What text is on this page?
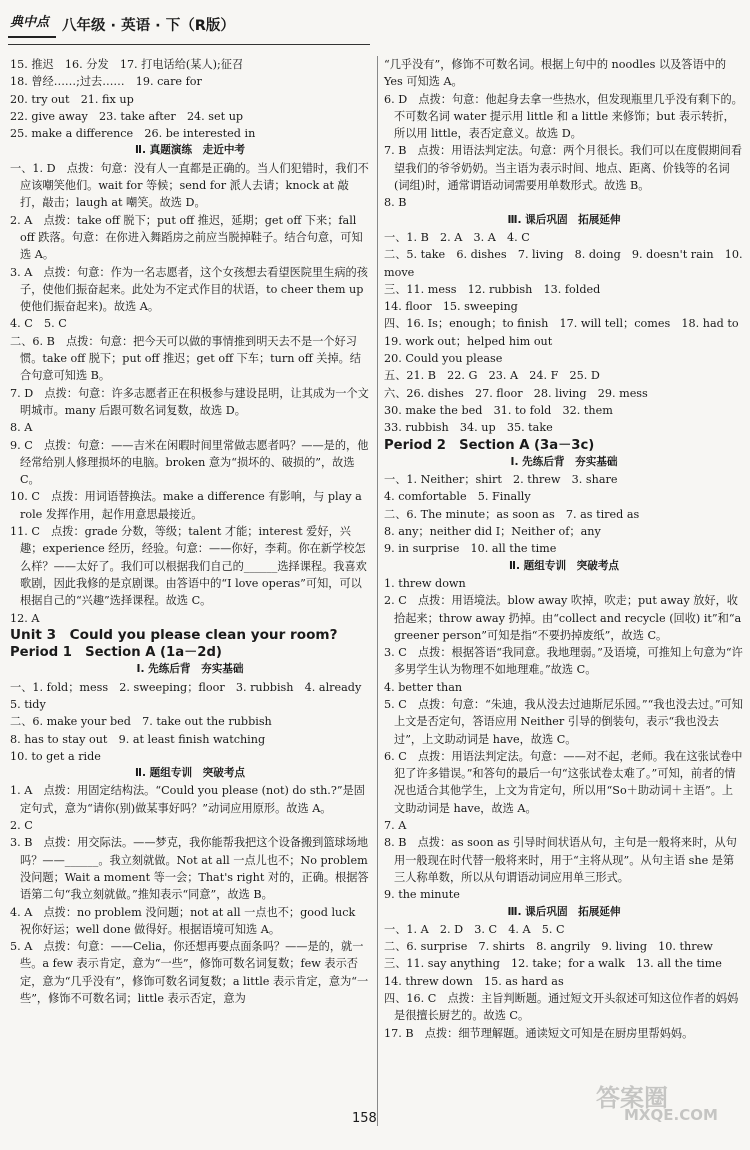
典中点 八年级 · 英语 · 下（R版）

15. 推迟　16. 分发　17. 打电话给(某人);征召

18. 曾经……;过去……　19. care for

20. try out　21. fix up

22. give away　23. take after　24. set up

25. make a difference　26. be interested in

Ⅱ. 真题演练　走近中考

一、1. D　点拨：句意：没有人一直都是正确的。当人们犯错时，我们不应该嘲笑他们。wait for 等候；send for 派人去请；knock at 敲打，敲击；laugh at 嘲笑。故选 D。

2. A　点拨：take off 脱下；put off 推迟，延期；get off 下来；fall off 跌落。句意：在你进入舞蹈房之前应当脱掉鞋子。结合句意，可知选 A。

3. A　点拨：句意：作为一名志愿者，这个女孩想去看望医院里生病的孩子，使他们振奋起来。此处为不定式作目的状语，to cheer them up 使他们振奋起来)。故选 A。

4. C　5. C

二、6. B　点拨：句意：把今天可以做的事情推到明天去不是一个好习惯。take off 脱下；put off 推迟；get off 下车；turn off 关掉。结合句意可知选 B。

7. D　点拨：句意：许多志愿者正在积极参与建设昆明，让其成为一个文明城市。many 后跟可数名词复数，故选 D。

8. A

9. C　点拨：句意：——吉米在闲暇时间里常做志愿者吗？——是的，他经常给别人修理损坏的电脑。broken 意为“损坏的、破损的”，故选 C。

10. C　点拨：用词语替换法。make a difference 有影响，与 play a role 发挥作用，起作用意思最接近。

11. C　点拨：grade 分数，等级；talent 才能；interest 爱好，兴趣；experience 经历，经验。句意：——你好，李莉。你在新学校怎么样？——太好了。我们可以根据我们自己的______选择课程。我喜欢歌剧，因此我修的是京剧课。由答语中的“I love operas”可知，可以根据自己的“兴趣”选择课程。故选 C。

12. A

Unit 3　Could you please clean your room?

Period 1　Section A (1a－2d)

Ⅰ. 先练后背　夯实基础

一、1. fold；mess　2. sweeping；floor　3. rubbish　4. already

5. tidy

二、6. make your bed　7. take out the rubbish

8. has to stay out　9. at least finish watching

10. to get a ride

Ⅱ. 题组专训　突破考点

1. A　点拨：用固定结构法。“Could you please (not) do sth.?”是固定句式，意为“请你(别)做某事好吗？”动词应用原形。故选 A。

2. C

3. B　点拨：用交际法。——梦克，我你能帮我把这个设备搬到篮球场地吗？——______。我立刻就做。Not at all 一点儿也不；No problem 没问题；Wait a moment 等一会；That's right 对的，正确。根据答语第二句“我立刻就做。”推知表示“同意”，故选 B。

4. A　点拨：no problem 没问题；not at all 一点也不；good luck 祝你好运；well done 做得好。根据语境可知选 A。

5. A　点拨：句意：——Celia，你还想再要点面条吗？——是的，就一些。a few 表示肯定，意为“一些”，修饰可数名词复数；few 表示否定，意为“几乎没有”，修饰可数名词复数；a little 表示肯定，意为“一些”，修饰不可数名词；little 表示否定，意为

“几乎没有”，修饰不可数名词。根据上句中的 noodles 以及答语中的 Yes 可知选 A。

6. D　点拨：句意：他起身去拿一些热水，但发现瓶里几乎没有剩下的。不可数名词 water 提示用 little 和 a little 来修饰；but 表示转折，所以用 little，表否定意义。故选 D。

7. B　点拨：用语法判定法。句意：两个月很长。我们可以在度假期间看望我们的爷爷奶奶。当主语为表示时间、地点、距离、价钱等的名词(词组)时，通常谓语动词需要用单数形式。故选 B。

8. B

Ⅲ. 课后巩固　拓展延伸

一、1. B　2. A　3. A　4. C

二、5. take　6. dishes　7. living　8. doing　9. doesn't rain　10. move

三、11. mess　12. rubbish　13. folded

14. floor　15. sweeping

四、16. Is；enough；to finish　17. will tell；comes　18. had to

19. work out；helped him out

20. Could you please

五、21. B　22. G　23. A　24. F　25. D

六、26. dishes　27. floor　28. living　29. mess

30. make the bed　31. to fold　32. them

33. rubbish　34. up　35. take

Period 2　Section A (3a－3c)

Ⅰ. 先练后背　夯实基础

一、1. Neither；shirt　2. threw　3. share

4. comfortable　5. Finally

二、6. The minute；as soon as　7. as tired as

8. any；neither did I；Neither of；any

9. in surprise　10. all the time

Ⅱ. 题组专训　突破考点

1. threw down

2. C　点拨：用语境法。blow away 吹掉，吹走；put away 放好，收拾起来；throw away 扔掉。由“collect and recycle (回收) it”和“a greener person”可知是指“不要扔掉废纸”，故选 C。

3. C　点拨：根据答语“我同意。我地理弱。”及语境，可推知上句意为“许多男学生认为物理不如地理难。”故选 C。

4. better than

5. C　点拨：句意：“朱迪，我从没去过迪斯尼乐园。”“我也没去过。”可知上文是否定句，答语应用 Neither 引导的倒装句，表示“我也没去过”，上文助动词是 have，故选 C。

6. C　点拨：用语法判定法。句意：——对不起，老师。我在这张试卷中犯了许多错误。”和答句的最后一句“这张试卷太难了。”可知，前者的情况也适合其他学生，上文为肯定句，所以用“So＋助动词＋主语”。上文助动词是 have，故选 A。

7. A

8. B　点拨：as soon as 引导时间状语从句，主句是一般将来时，从句用一般现在时代替一般将来时，用于“主将从现”。从句主语 she 是第三人称单数，所以从句谓语动词应用单三形式。

9. the minute

Ⅲ. 课后巩固　拓展延伸

一、1. A　2. D　3. C　4. A　5. C

二、6. surprise　7. shirts　8. angrily　9. living　10. threw

三、11. say anything　12. take；for a walk　13. all the time

14. threw down　15. as hard as

四、16. C　点拨：主旨判断题。通过短文开头叙述可知这位作者的妈妈是很擅长厨艺的。故选 C。

17. B　点拨：细节理解题。通读短文可知是在厨房里帮妈妈。

158
答案圈
MXQE.COM
